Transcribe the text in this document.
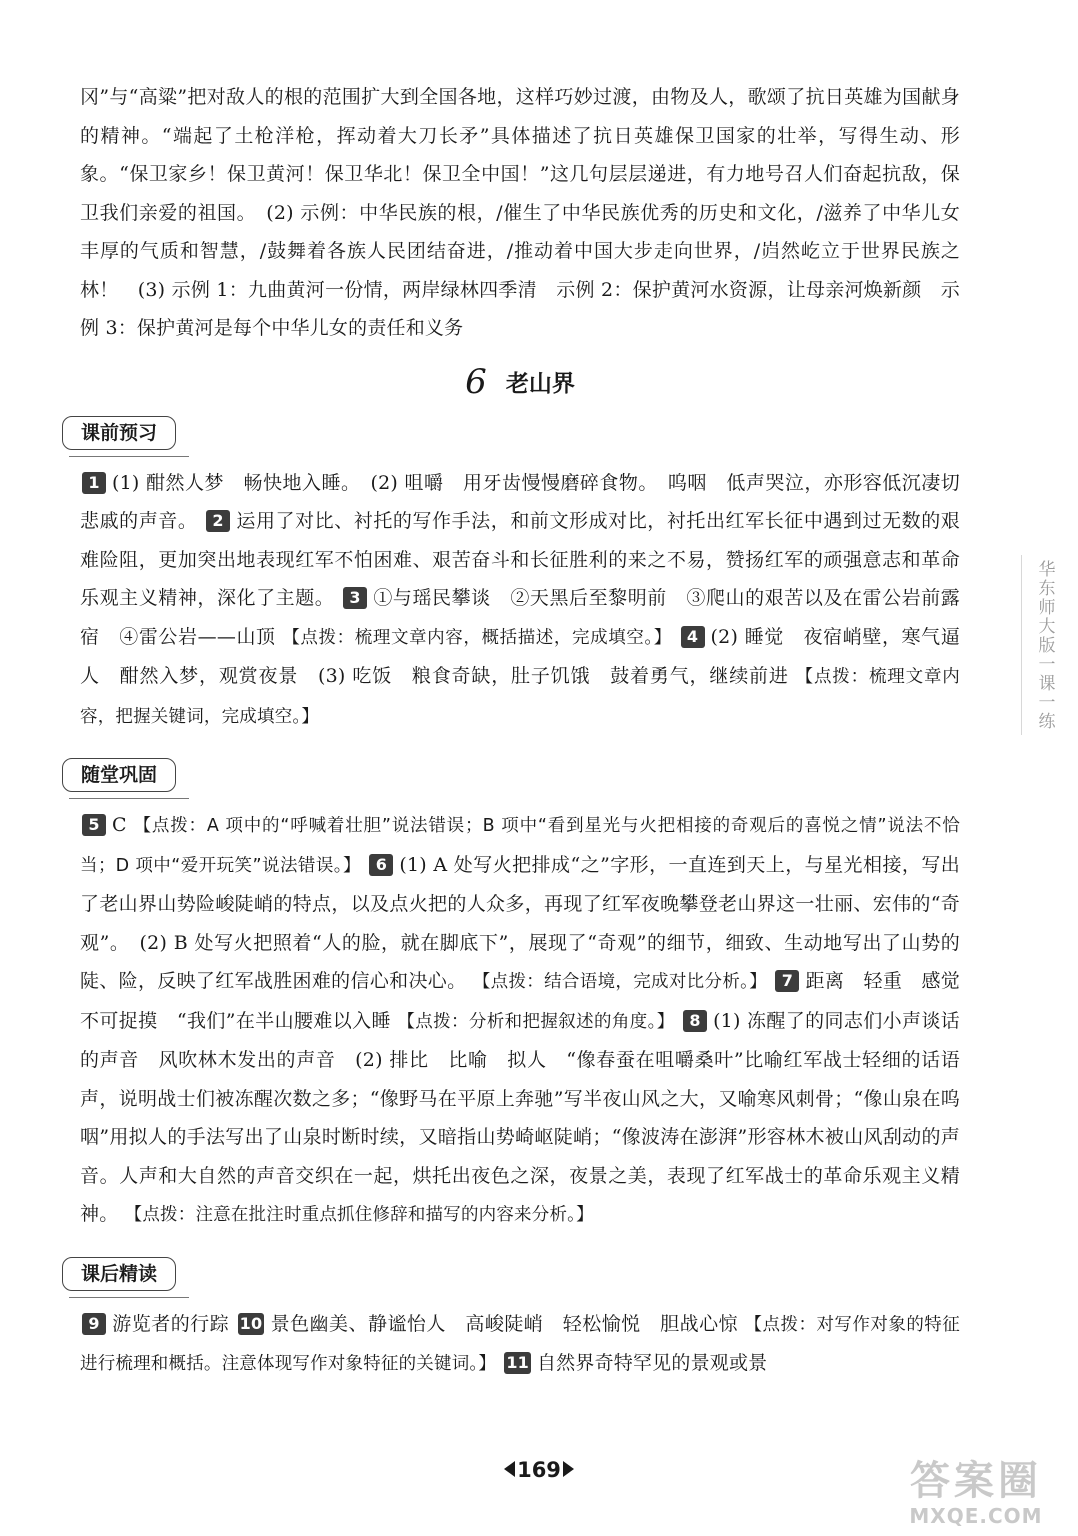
冈”与“高粱”把对敌人的根的范围扩大到全国各地，这样巧妙过渡，由物及人，歌颂了抗日英雄为国献身的精神。“端起了土枪洋枪，挥动着大刀长矛”具体描述了抗日英雄保卫国家的壮举，写得生动、形象。“保卫家乡！保卫黄河！保卫华北！保卫全中国！”这几句层层递进，有力地号召人们奋起抗敌，保卫我们亲爱的祖国。　(2) 示例：中华民族的根，/催生了中华民族优秀的历史和文化，/滋养了中华儿女丰厚的气质和智慧，/鼓舞着各族人民团结奋进，/推动着中国大步走向世界，/岿然屹立于世界民族之林！　(3) 示例 1：九曲黄河一份情，两岸绿林四季清　示例 2：保护黄河水资源，让母亲河焕新颜　示例 3：保护黄河是每个中华儿女的责任和义务

6 老山界
课前预习

1 (1) 酣然人梦　畅快地入睡。　(2) 咀嚼　用牙齿慢慢磨碎食物。　呜咽　低声哭泣，亦形容低沉凄切悲戚的声音。 2 运用了对比、衬托的写作手法，和前文形成对比，衬托出红军长征中遇到过无数的艰难险阻，更加突出地表现红军不怕困难、艰苦奋斗和长征胜利的来之不易，赞扬红军的顽强意志和革命乐观主义精神，深化了主题。 3 ①与瑶民攀谈　②天黑后至黎明前　③爬山的艰苦以及在雷公岩前露宿　④雷公岩——山顶 【点拨：梳理文章内容，概括描述，完成填空。】 4 (2) 睡觉　夜宿峭壁，寒气逼人　酣然入梦，观赏夜景　(3) 吃饭　粮食奇缺，肚子饥饿　鼓着勇气，继续前进 【点拨：梳理文章内容，把握关键词，完成填空。】

随堂巩固

5 C 【点拨：A 项中的“呼喊着壮胆”说法错误；B 项中“看到星光与火把相接的奇观后的喜悦之情”说法不恰当；D 项中“爱开玩笑”说法错误。】 6 (1) A 处写火把排成“之”字形，一直连到天上，与星光相接，写出了老山界山势险峻陡峭的特点，以及点火把的人众多，再现了红军夜晚攀登老山界这一壮丽、宏伟的“奇观”。　(2) B 处写火把照着“人的脸，就在脚底下”，展现了“奇观”的细节，细致、生动地写出了山势的陡、险，反映了红军战胜困难的信心和决心。 【点拨：结合语境，完成对比分析。】 7 距离　轻重　感觉　不可捉摸　“我们”在半山腰难以入睡 【点拨：分析和把握叙述的角度。】 8 (1) 冻醒了的同志们小声谈话的声音　风吹林木发出的声音　(2) 排比　比喻　拟人　“像春蚕在咀嚼桑叶”比喻红军战士轻细的话语声，说明战士们被冻醒次数之多；“像野马在平原上奔驰”写半夜山风之大，又喻寒风刺骨；“像山泉在呜咽”用拟人的手法写出了山泉时断时续，又暗指山势崎岖陡峭；“像波涛在澎湃”形容林木被山风刮动的声音。人声和大自然的声音交织在一起，烘托出夜色之深，夜景之美，表现了红军战士的革命乐观主义精神。 【点拨：注意在批注时重点抓住修辞和描写的内容来分析。】

课后精读

9 游览者的行踪 10 景色幽美、静谧怡人　高峻陡峭　轻松愉悦　胆战心惊 【点拨：对写作对象的特征进行梳理和概括。注意体现写作对象特征的关键词。】 11 自然界奇特罕见的景观或景

华东师大版一课一练
169	答案圈
MXQE.COM
